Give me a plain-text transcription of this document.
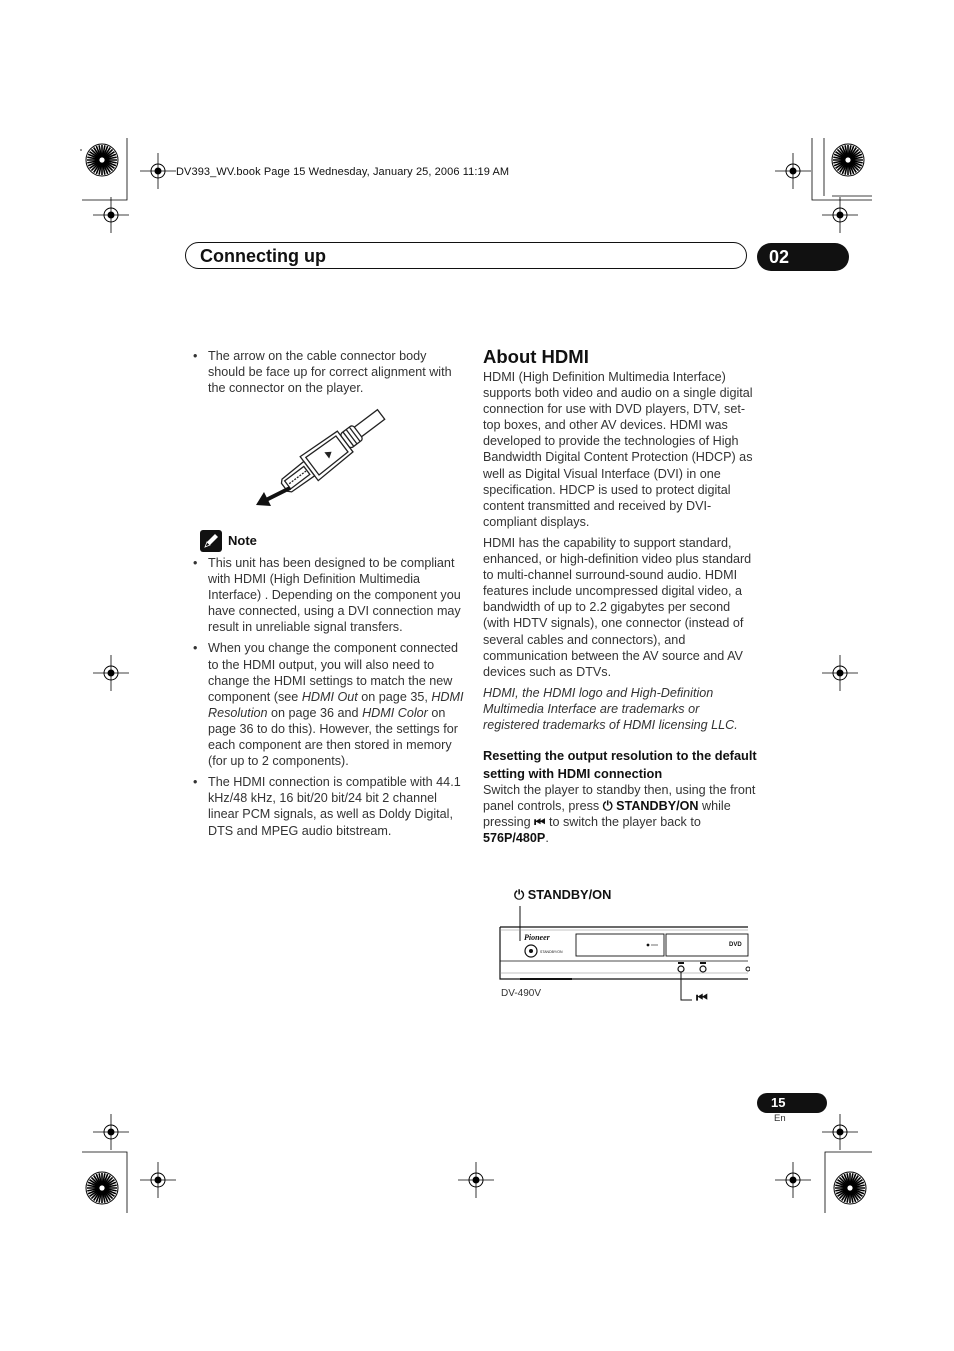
DV393_WV.book Page 15 Wednesday, January 25, 2006 11:19 AM
Connecting up	02
• The arrow on the cable connector body should be face up for correct alignment with the connector on the player.
Note
• This unit has been designed to be compliant with HDMI (High Definition Multimedia Interface) . Depending on the component you have connected, using a DVI connection may result in unreliable signal transfers.
• When you change the component connected to the HDMI output, you will also need to change the HDMI settings to match the new component (see HDMI Out on page 35, HDMI Resolution on page 36 and HDMI Color on page 36 to do this). However, the settings for each component are then stored in memory (for up to 2 components).
• The HDMI connection is compatible with 44.1 kHz/48 kHz, 16 bit/20 bit/24 bit 2 channel linear PCM signals, as well as Doldy Digital, DTS and MPEG audio bitstream.
About HDMI

HDMI (High Definition Multimedia Interface) supports both video and audio on a single digital connection for use with DVD players, DTV, set-top boxes, and other AV devices. HDMI was developed to provide the technologies of High Bandwidth Digital Content Protection (HDCP) as well as Digital Visual Interface (DVI) in one specification. HDCP is used to protect digital content transmitted and received by DVI-compliant displays.

HDMI has the capability to support standard, enhanced, or high-definition video plus standard to multi-channel surround-sound audio. HDMI features include uncompressed digital video, a bandwidth of up to 2.2 gigabytes per second (with HDTV signals), one connector (instead of several cables and connectors), and communication between the AV source and AV devices such as DTVs.

HDMI, the HDMI logo and High-Definition Multimedia Interface are trademarks or registered trademarks of HDMI licensing LLC.

Resetting the output resolution to the default setting with HDMI connection

Switch the player to standby then, using the front panel controls, press ⏻ STANDBY/ON while pressing ⏮ to switch the player back to 576P/480P.

⏻ STANDBY/ON
Pioneer
STANDBY/ON
DVD
DV-490V	⏮
15
En
